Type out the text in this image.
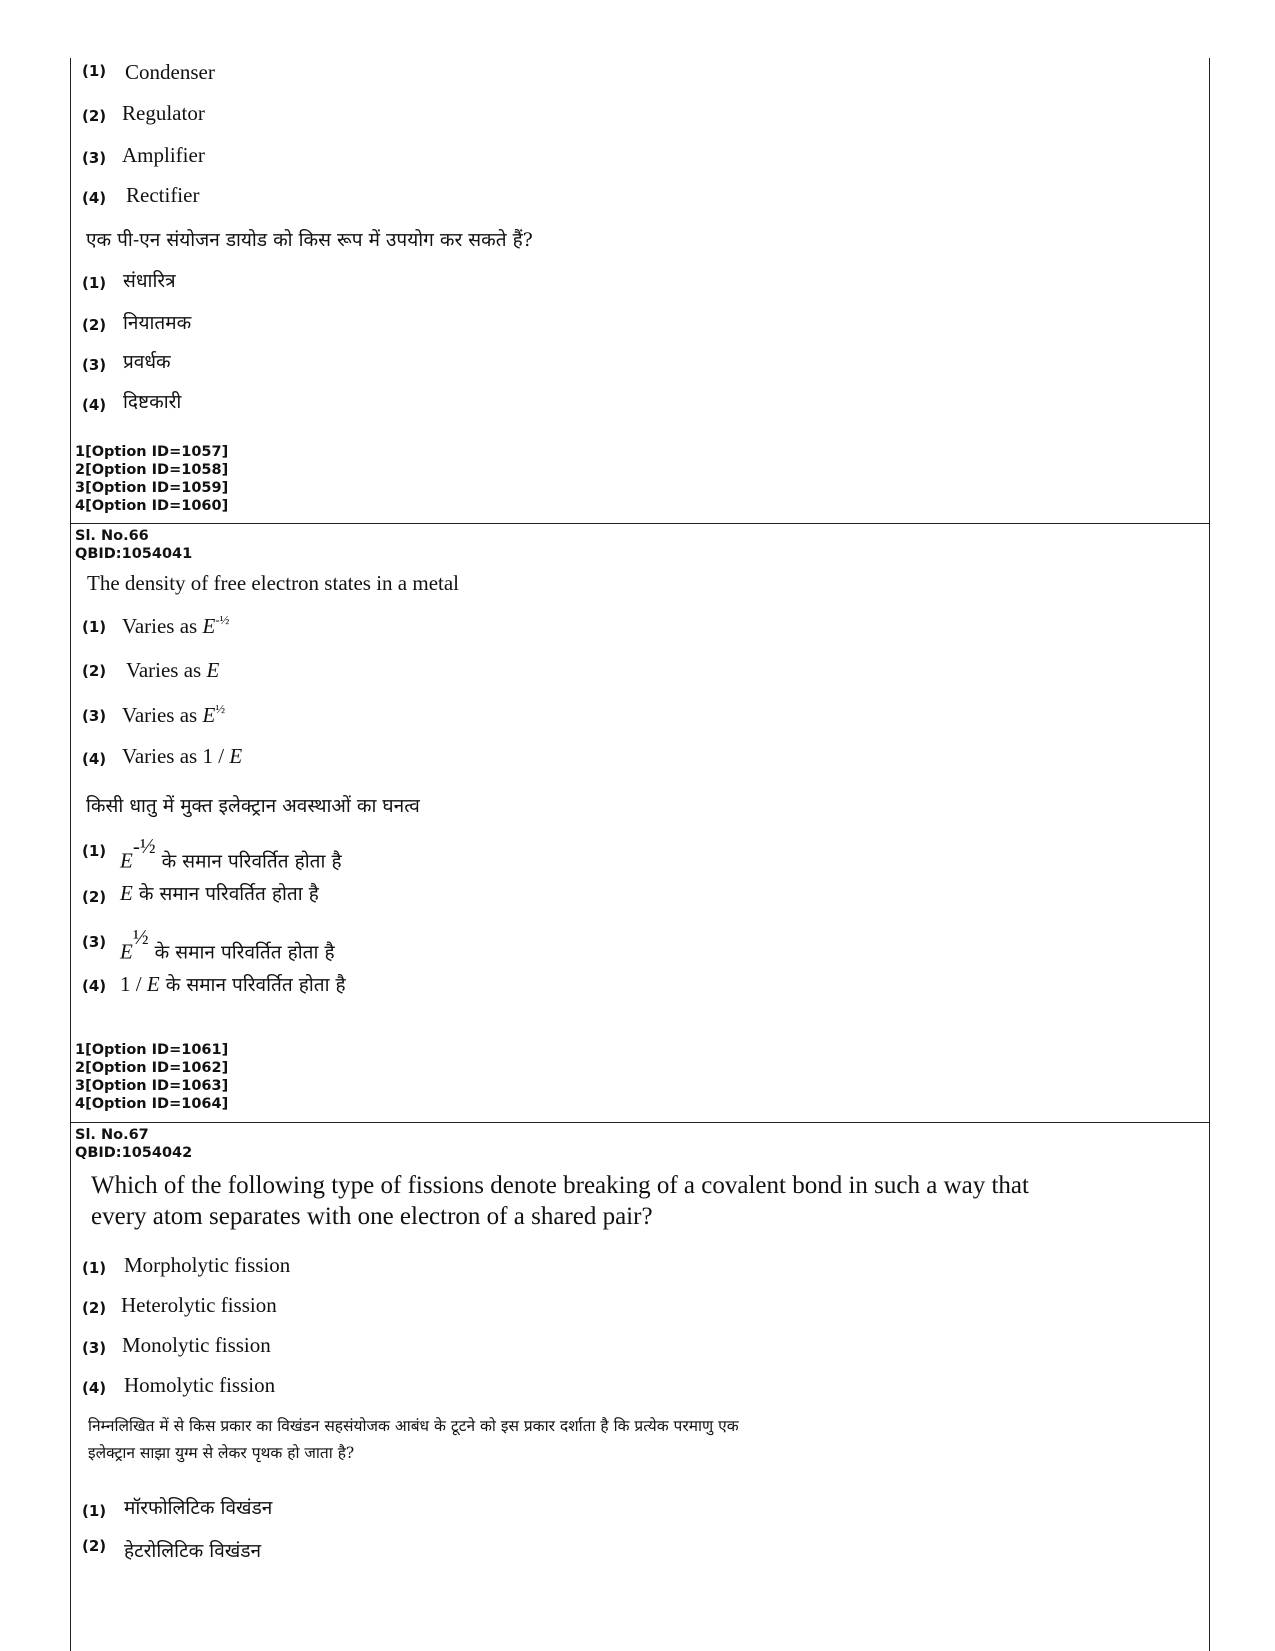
(1) Condenser
(2) Regulator
(3) Amplifier
(4) Rectifier
एक पी-एन संयोजन डायोड को किस रूप में उपयोग कर सकते हैं?
(1) संधारित्र
(2) नियातमक
(3) प्रवर्धक
(4) दिष्टकारी
1[Option ID=1057]
2[Option ID=1058]
3[Option ID=1059]
4[Option ID=1060]
Sl. No.66
QBID:1054041
The density of free electron states in a metal
(1) Varies as $E^{-\frac{1}{2}}$
(2) Varies as E
(3) Varies as $E^{\frac{1}{2}}$
(4) Varies as 1 / E
किसी धातु में मुक्त इलेक्ट्रान अवस्थाओं का घनत्व
(1) $E^{-\frac{1}{2}}$ के समान परिवर्तित होता है
(2) E के समान परिवर्तित होता है
(3) $E^{\frac{1}{2}}$ के समान परिवर्तित होता है
(4) 1 / E के समान परिवर्तित होता है
1[Option ID=1061]
2[Option ID=1062]
3[Option ID=1063]
4[Option ID=1064]
Sl. No.67
QBID:1054042
Which of the following type of fissions denote breaking of a covalent bond in such a way that
every atom separates with one electron of a shared pair?
(1) Morpholytic fission
(2) Heterolytic fission
(3) Monolytic fission
(4) Homolytic fission
निम्नलिखित में से किस प्रकार का विखंडन सहसंयोजक आबंध के टूटने को इस प्रकार दर्शाता है कि प्रत्येक परमाणु एक
इलेक्ट्रान साझा युग्म से लेकर पृथक हो जाता है?
(1) मॉरफोलिटिक विखंडन
(2) हेटरोलिटिक विखंडन
